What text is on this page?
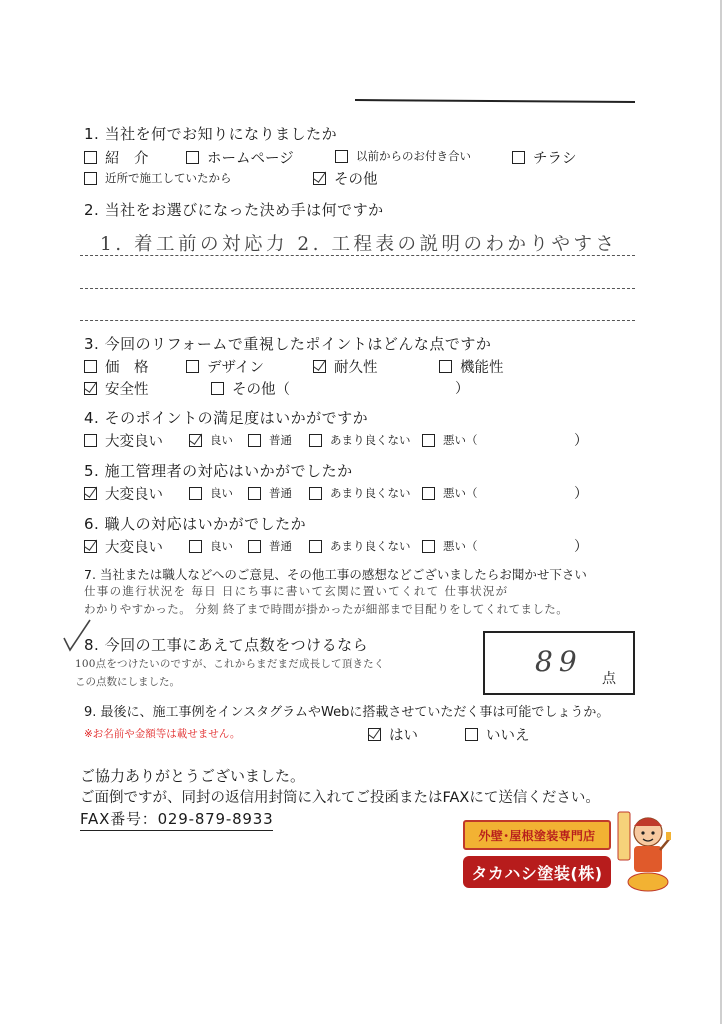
1. 当社を何でお知りになりましたか
紹　介	ホームページ	以前からのお付き合い	チラシ
近所で施工していたから	その他
2. 当社をお選びになった決め手は何ですか
1. 着工前の対応力 2. 工程表の説明のわかりやすさ
3. 今回のリフォームで重視したポイントはどんな点ですか
価　格	デザイン	耐久性	機能性
安全性	その他（	）
4. そのポイントの満足度はいかがですか
大変良い	良い	普通	あまり良くない	悪い（	）
5. 施工管理者の対応はいかがでしたか
大変良い	良い	普通	あまり良くない	悪い（	）
6. 職人の対応はいかがでしたか
大変良い	良い	普通	あまり良くない	悪い（	）
7. 当社または職人などへのご意見、その他工事の感想などございましたらお聞かせ下さい
仕事の進行状況を 毎日 日にち事に書いて玄関に置いてくれて 仕事状況が
わかりやすかった。 分刻 終了まで時間が掛かったが細部まで目配りをしてくれてました。
8. 今回の工事にあえて点数をつけるなら
100点をつけたいのですが、これからまだまだ成長して頂きたく
この点数にしました。
89
点
9. 最後に、施工事例をインスタグラムやWebに搭載させていただく事は可能でしょうか。
※お名前や金額等は載せません。	はい	いいえ
ご協力ありがとうございました。
ご面倒ですが、同封の返信用封筒に入れてご投函またはFAXにて送信ください。
FAX番号：029-879-8933
外壁･屋根塗装専門店
タカハシ塗装(株)
